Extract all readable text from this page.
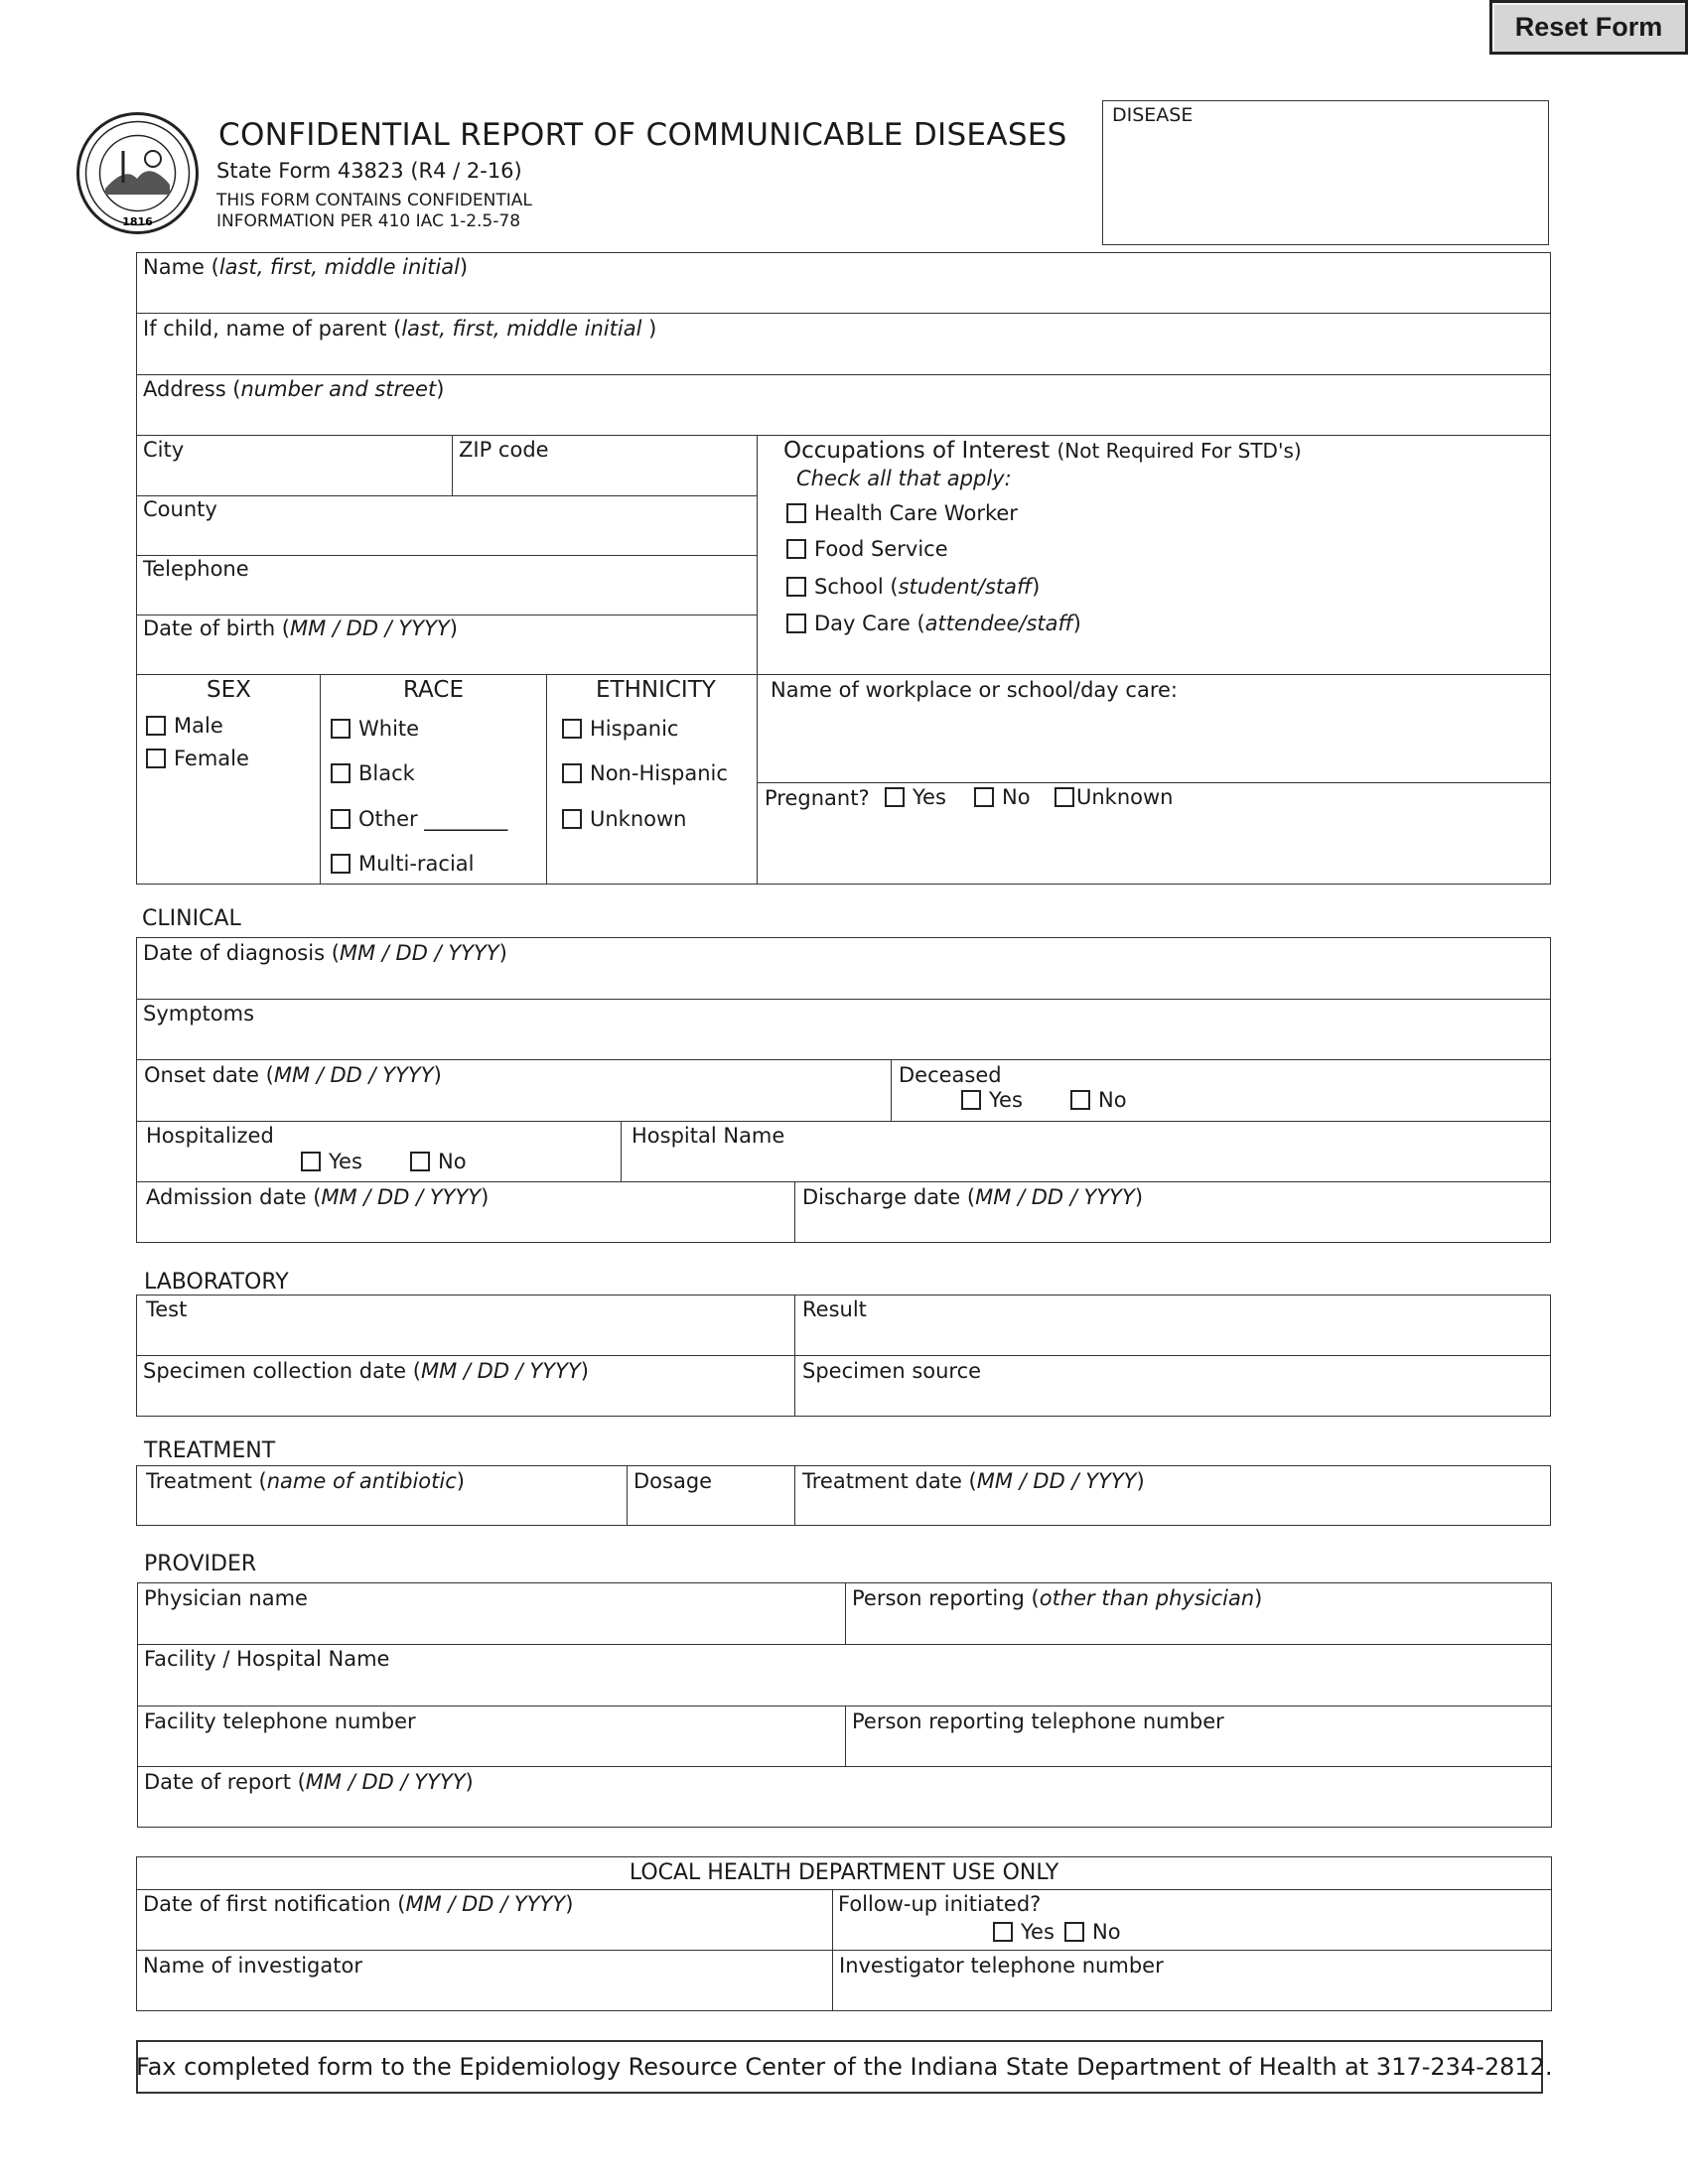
Reset Form
1816
CONFIDENTIAL REPORT OF COMMUNICABLE DISEASES
State Form 43823 (R4 / 2-16)
THIS FORM CONTAINS CONFIDENTIAL
INFORMATION PER 410 IAC 1-2.5-78
DISEASE
Name (last, first, middle initial)
If child, name of parent (last, first, middle initial )
Address (number and street)
City	ZIP code
County
Telephone
Date of birth (MM / DD / YYYY)
Occupations of Interest (Not Required For STD's)
Check all that apply:
Health Care Worker
Food Service
School (student/staff)
Day Care (attendee/staff)
SEX	RACE	ETHNICITY
Male
Female
White
Black
Other ________
Multi-racial
Hispanic
Non-Hispanic
Unknown
Name of workplace or school/day care:
Pregnant?	Yes	No	Unknown
CLINICAL
Date of diagnosis (MM / DD / YYYY)
Symptoms
Onset date (MM / DD / YYYY)	Deceased
Yes	No
Hospitalized
Yes	No
Hospital Name
Admission date (MM / DD / YYYY)	Discharge date (MM / DD / YYYY)
LABORATORY
Test	Result
Specimen collection date (MM / DD / YYYY)	Specimen source
TREATMENT
Treatment (name of antibiotic)	Dosage	Treatment date (MM / DD / YYYY)
PROVIDER
Physician name	Person reporting (other than physician)
Facility / Hospital Name
Facility telephone number	Person reporting telephone number
Date of report (MM / DD / YYYY)
LOCAL HEALTH DEPARTMENT USE ONLY
Date of first notification (MM / DD / YYYY)	Follow-up initiated?
Yes	No
Name of investigator	Investigator telephone number
Fax completed form to the Epidemiology Resource Center of the Indiana State Department of Health at 317-234-2812.
